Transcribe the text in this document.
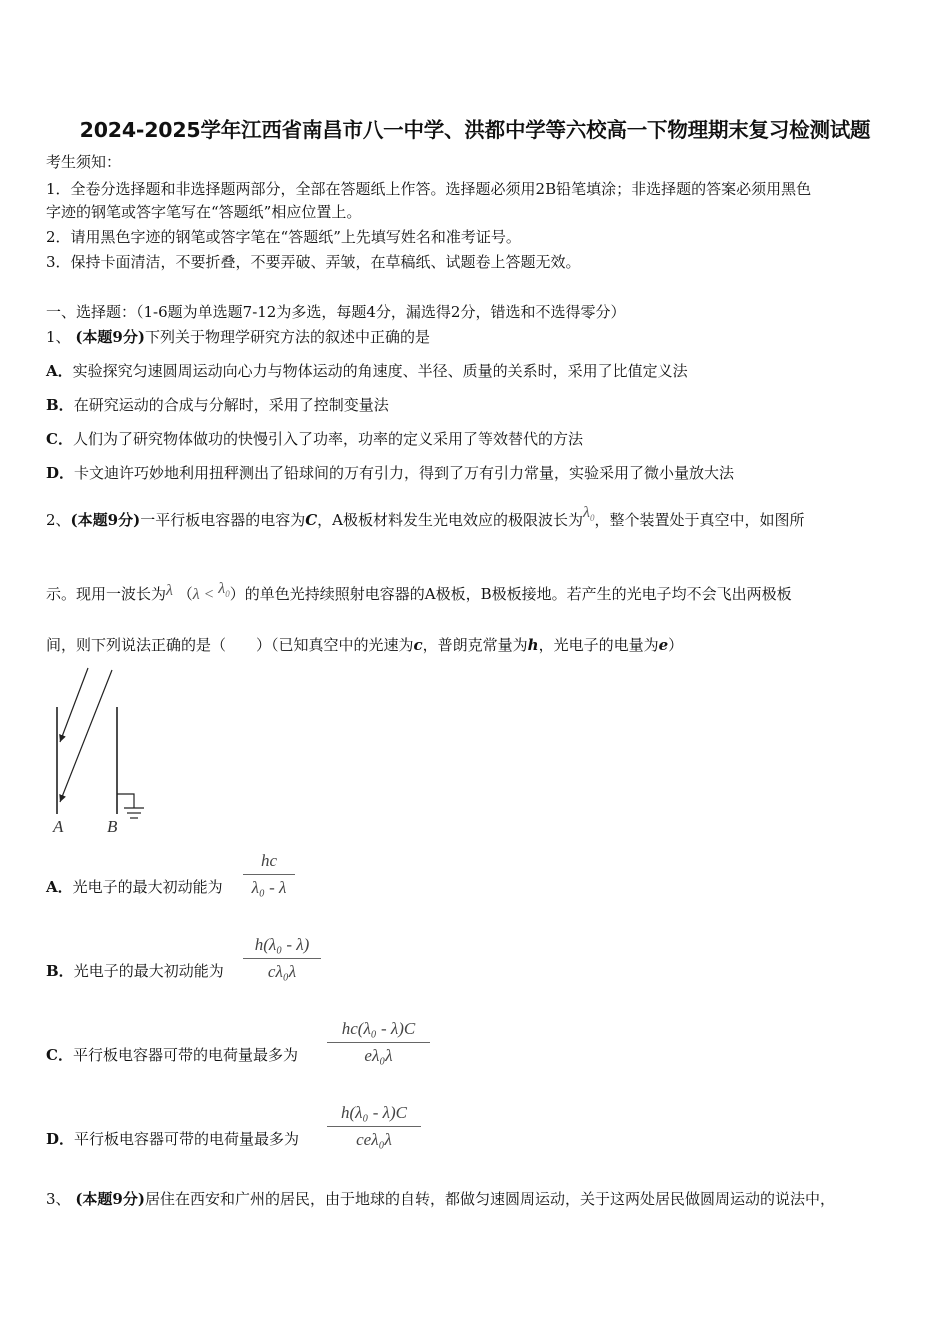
2024-2025学年江西省南昌市八一中学、洪都中学等六校高一下物理期末复习检测试题
考生须知：
1．全卷分选择题和非选择题两部分，全部在答题纸上作答。选择题必须用2B铅笔填涂；非选择题的答案必须用黑色
字迹的钢笔或答字笔写在“答题纸”相应位置上。
2．请用黑色字迹的钢笔或答字笔在“答题纸”上先填写姓名和准考证号。
3．保持卡面清洁，不要折叠，不要弄破、弄皱，在草稿纸、试题卷上答题无效。
一、选择题：（1-6题为单选题7-12为多选，每题4分，漏选得2分，错选和不选得零分）
1、 (本题9分)下列关于物理学研究方法的叙述中正确的是
A．实验探究匀速圆周运动向心力与物体运动的角速度、半径、质量的关系时，采用了比值定义法
B．在研究运动的合成与分解时，采用了控制变量法
C．人们为了研究物体做功的快慢引入了功率，功率的定义采用了等效替代的方法
D．卡文迪许巧妙地利用扭秤测出了铅球间的万有引力，得到了万有引力常量，实验采用了微小量放大法
2、(本题9分)一平行板电容器的电容为C，A极板材料发生光电效应的极限波长为$\lambda_0$，整个装置处于真空中，如图所
示。现用一波长为λ $(\lambda < \lambda_0)$的单色光持续照射电容器的A极板，B极板接地。若产生的光电子均不会飞出两极板
间，则下列说法正确的是（　　）（已知真空中的光速为c，普朗克常量为h，光电子的电量为e）
A	B
A．光电子的最大初动能为
hc
λ₀ - λ
B．光电子的最大初动能为
h(λ₀ - λ)
cλ₀λ
C．平行板电容器可带的电荷量最多为
hc(λ₀ - λ)C
eλ₀λ
D．平行板电容器可带的电荷量最多为
h(λ₀ - λ)C
ceλ₀λ
3、 (本题9分)居住在西安和广州的居民，由于地球的自转，都做匀速圆周运动，关于这两处居民做圆周运动的说法中，
